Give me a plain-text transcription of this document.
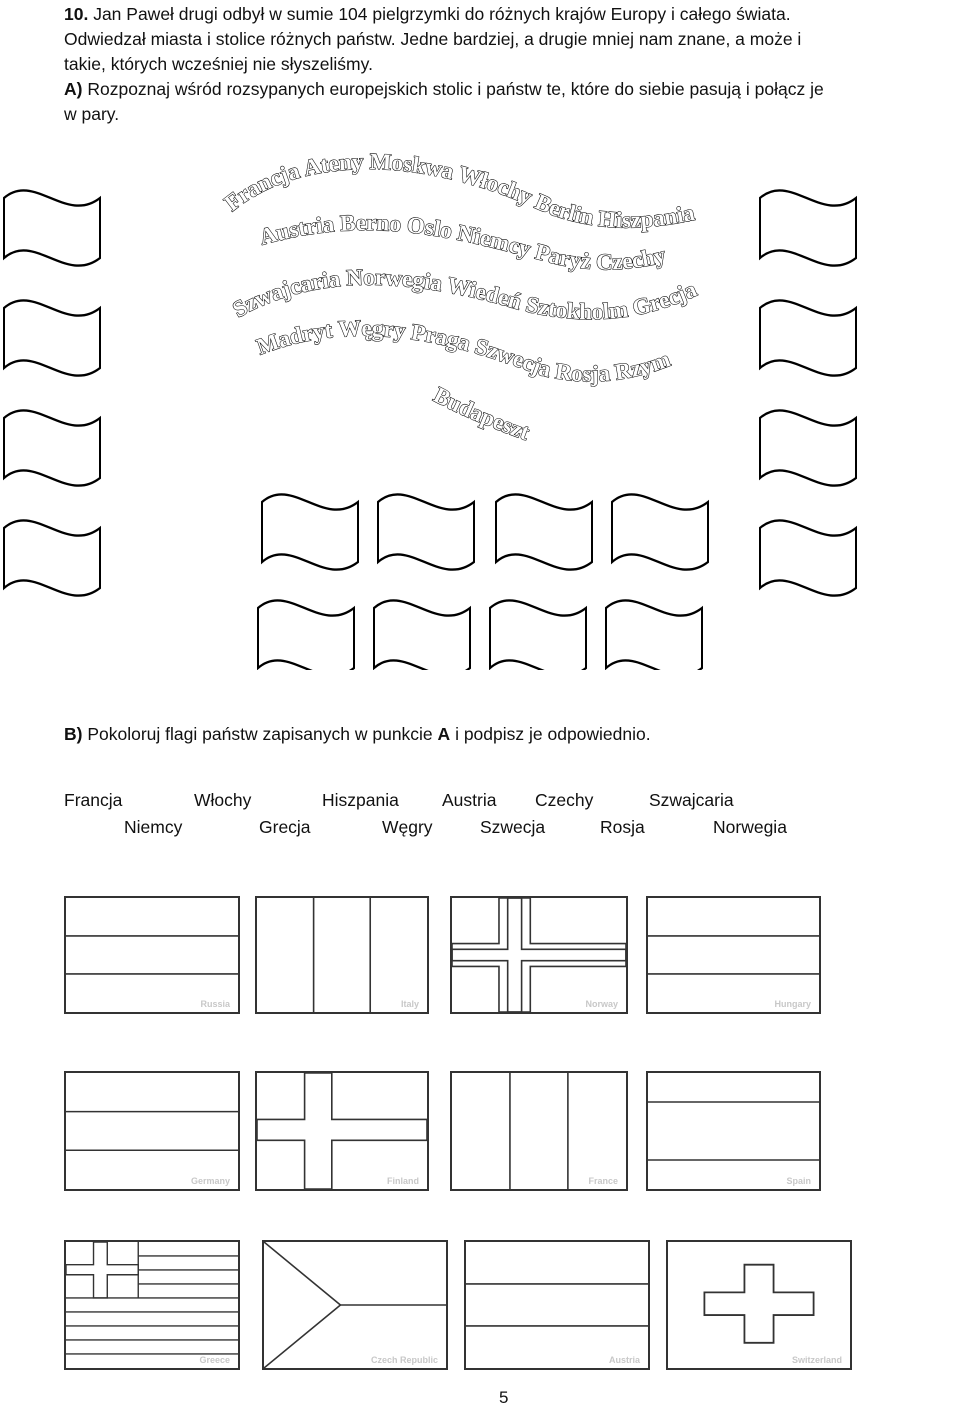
10. Jan Paweł drugi odbył w sumie 104 pielgrzymki do różnych krajów Europy i całego świata.

Odwiedzał miasta i stolice różnych państw. Jedne bardziej, a drugie mniej nam znane, a może i

takie, których wcześniej nie słyszeliśmy.

A) Rozpoznaj wśród rozsypanych europejskich stolic i państw te, które do siebie pasują i połącz je

w pary.

Francja Ateny Moskwa Włochy Berlin Hiszpania
Austria Berno Oslo Niemcy Paryż Czechy
Szwajcaria Norwegia Wiedeń Sztokholm Grecja
Madryt Węgry Praga Szwecja Rosja Rzym
Budapeszt
B) Pokoloruj flagi państw zapisanych w punkcie A i podpisz je odpowiednio.
Francja	Włochy	Hiszpania Austria Czechy	Szwajcaria
Niemcy	Grecja	Węgry	Szwecja	Rosja	Norwegia
Russia	Italy	Norway	Hungary
Germany	Finland	France	Spain
Greece	Czech Republic	Austria	Switzerland
5
